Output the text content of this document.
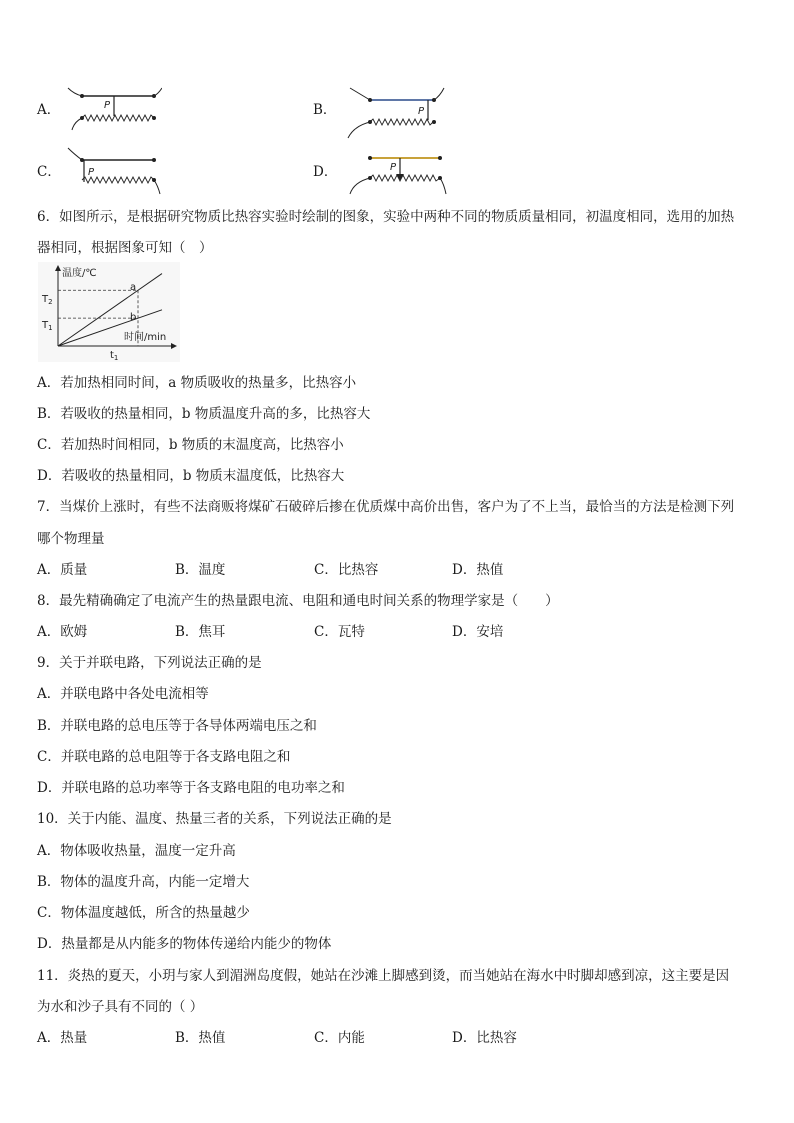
A．	B．
C．	D．
P
P
P	P
6．如图所示，是根据研究物质比热容实验时绘制的图象，实验中两种不同的物质质量相同，初温度相同，选用的加热
器相同，根据图象可知（　）
温度/℃
时间/min
$T_2$
$T_1$
$t_1$
a
b
A．若加热相同时间，a 物质吸收的热量多，比热容小
B．若吸收的热量相同，b 物质温度升高的多，比热容大
C．若加热时间相同，b 物质的末温度高，比热容小
D．若吸收的热量相同，b 物质末温度低，比热容大
7．当煤价上涨时，有些不法商贩将煤矿石破碎后掺在优质煤中高价出售，客户为了不上当，最恰当的方法是检测下列
哪个物理量
A．质量	B．温度	C．比热容	D．热值
8．最先精确确定了电流产生的热量跟电流、电阻和通电时间关系的物理学家是（　　）
A．欧姆	B．焦耳	C．瓦特	D．安培
9．关于并联电路，下列说法正确的是
A．并联电路中各处电流相等
B．并联电路的总电压等于各导体两端电压之和
C．并联电路的总电阻等于各支路电阻之和
D．并联电路的总功率等于各支路电阻的电功率之和
10．关于内能、温度、热量三者的关系，下列说法正确的是
A．物体吸收热量，温度一定升高
B．物体的温度升高，内能一定增大
C．物体温度越低，所含的热量越少
D．热量都是从内能多的物体传递给内能少的物体
11．炎热的夏天，小玥与家人到湄洲岛度假，她站在沙滩上脚感到烫，而当她站在海水中时脚却感到凉，这主要是因
为水和沙子具有不同的（ ）
A．热量	B．热值	C．内能	D．比热容
